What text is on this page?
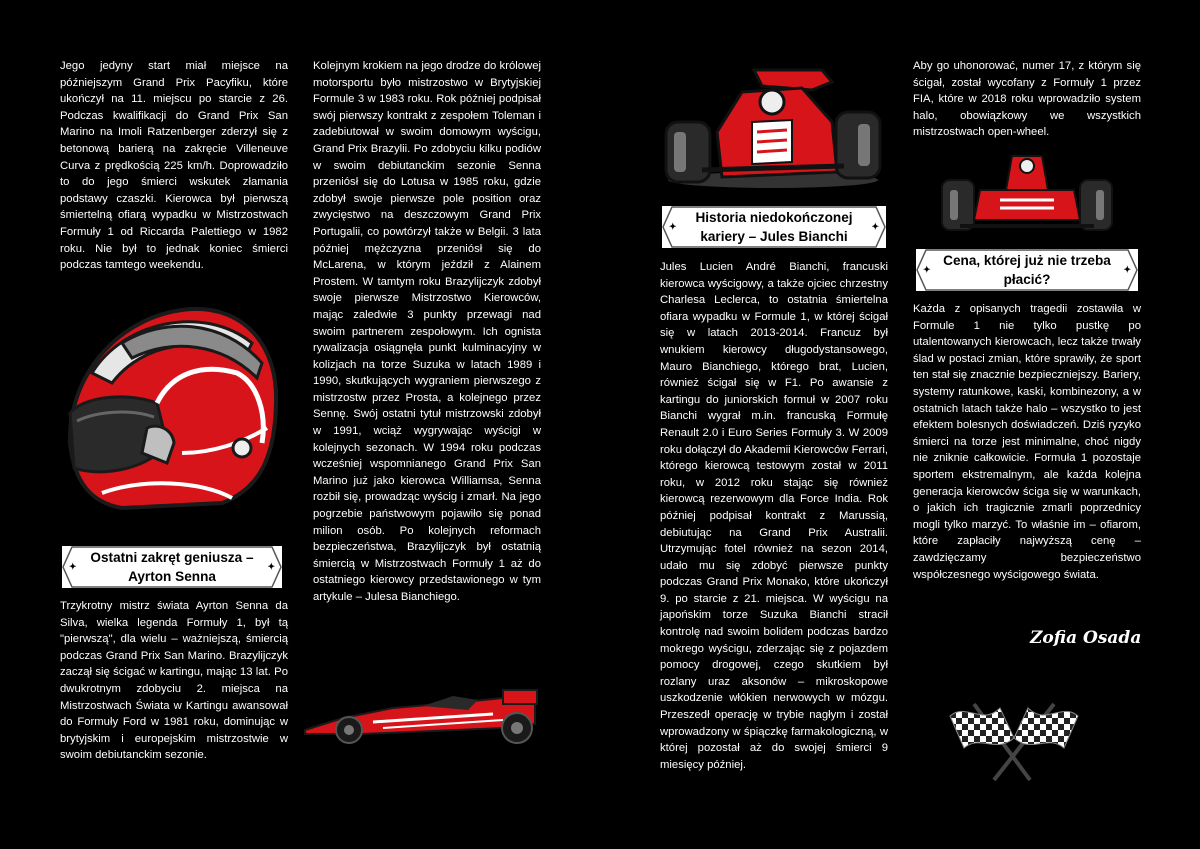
Jego jedyny start miał miejsce na późniejszym Grand Prix Pacyfiku, które ukończył na 11. miejscu po starcie z 26. Podczas kwalifikacji do Grand Prix San Marino na Imoli Ratzenberger zderzył się z betonową barierą na zakręcie Villeneuve Curva z prędkością 225 km/h. Doprowadziło to do jego śmierci wskutek złamania podstawy czaszki. Kierowca był pierwszą śmiertelną ofiarą wypadku w Mistrzostwach Formuły 1 od Riccarda Palettiego w 1982 roku. Nie był to jednak koniec śmierci podczas tamtego weekendu.

✦
Ostatni zakręt geniusza – Ayrton Senna
✦

Trzykrotny mistrz świata Ayrton Senna da Silva, wielka legenda Formuły 1, był tą "pierwszą", dla wielu – ważniejszą, śmiercią podczas Grand Prix San Marino. Brazylijczyk zaczął się ścigać w kartingu, mając 13 lat. Po dwukrotnym zdobyciu 2. miejsca na Mistrzostwach Świata w Kartingu awansował do Formuły Ford w 1981 roku, dominując w brytyjskim i europejskim mistrzostwie w swoim debiutanckim sezonie.

Kolejnym krokiem na jego drodze do królowej motorsportu było mistrzostwo w Brytyjskiej Formule 3 w 1983 roku. Rok później podpisał swój pierwszy kontrakt z zespołem Toleman i zadebiutował w swoim domowym wyścigu, Grand Prix Brazylii. Po zdobyciu kilku podiów w swoim debiutanckim sezonie Senna przeniósł się do Lotusa w 1985 roku, gdzie zdobył swoje pierwsze pole position oraz zwycięstwo na deszczowym Grand Prix Portugalii, co powtórzył także w Belgii. 3 lata później mężczyzna przeniósł się do McLarena, w którym jeździł z Alainem Prostem. W tamtym roku Brazylijczyk zdobył swoje pierwsze Mistrzostwo Kierowców, mając zaledwie 3 punkty przewagi nad swoim partnerem zespołowym. Ich ognista rywalizacja osiągnęła punkt kulminacyjny w kolizjach na torze Suzuka w latach 1989 i 1990, skutkujących wygraniem pierwszego z mistrzostw przez Prosta, a kolejnego przez Sennę. Swój ostatni tytuł mistrzowski zdobył w 1991, wciąż wygrywając wyścigi w kolejnych sezonach. W 1994 roku podczas wcześniej wspomnianego Grand Prix San Marino już jako kierowca Williamsa, Senna rozbił się, prowadząc wyścig i zmarł. Na jego pogrzebie państwowym pojawiło się ponad milion osób. Po kolejnych reformach bezpieczeństwa, Brazylijczyk był ostatnią śmiercią w Mistrzostwach Formuły 1 aż do ostatniego kierowcy przedstawionego w tym artykule – Julesa Bianchiego.

✦
Historia niedokończonej kariery – Jules Bianchi
✦

Jules Lucien André Bianchi, francuski kierowca wyścigowy, a także ojciec chrzestny Charlesa Leclerca, to ostatnia śmiertelna ofiara wypadku w Formule 1, w której ścigał się w latach 2013-2014. Francuz był wnukiem kierowcy długodystansowego, Mauro Bianchiego, którego brat, Lucien, również ścigał się w F1. Po awansie z kartingu do juniorskich formuł w 2007 roku Bianchi wygrał m.in. francuską Formułę Renault 2.0 i Euro Series Formuły 3. W 2009 roku dołączył do Akademii Kierowców Ferrari, którego kierowcą testowym został w 2011 roku, w 2012 roku stając się również kierowcą rezerwowym dla Force India. Rok później podpisał kontrakt z Marussią, debiutując na Grand Prix Australii. Utrzymując fotel również na sezon 2014, udało mu się zdobyć pierwsze punkty podczas Grand Prix Monako, które ukończył 9. po starcie z 21. miejsca. W wyścigu na japońskim torze Suzuka Bianchi stracił kontrolę nad swoim bolidem podczas bardzo mokrego wyścigu, zderzając się z pojazdem pomocy drogowej, czego skutkiem był rozlany uraz aksonów – mikroskopowe uszkodzenie włókien nerwowych w mózgu. Przeszedł operację w trybie nagłym i został wprowadzony w śpiączkę farmakologiczną, w której pozostał aż do swojej śmierci 9 miesięcy później.

Aby go uhonorować, numer 17, z którym się ścigał, został wycofany z Formuły 1 przez FIA, które w 2018 roku wprowadziło system halo, obowiązkowy we wszystkich mistrzostwach open-wheel.

✦
Cena, której już nie trzeba płacić?
✦

Każda z opisanych tragedii zostawiła w Formule 1 nie tylko pustkę po utalentowanych kierowcach, lecz także trwały ślad w postaci zmian, które sprawiły, że sport ten stał się znacznie bezpieczniejszy. Bariery, systemy ratunkowe, kaski, kombinezony, a w ostatnich latach także halo – wszystko to jest efektem bolesnych doświadczeń. Dziś ryzyko śmierci na torze jest minimalne, choć nigdy nie zniknie całkowicie. Formuła 1 pozostaje sportem ekstremalnym, ale każda kolejna generacja kierowców ściga się w warunkach, o jakich ich tragicznie zmarli poprzednicy mogli tylko marzyć. To właśnie im – ofiarom, które zapłaciły najwyższą cenę – zawdzięczamy bezpieczeństwo współczesnego wyścigowego świata.

Zofia Osada
